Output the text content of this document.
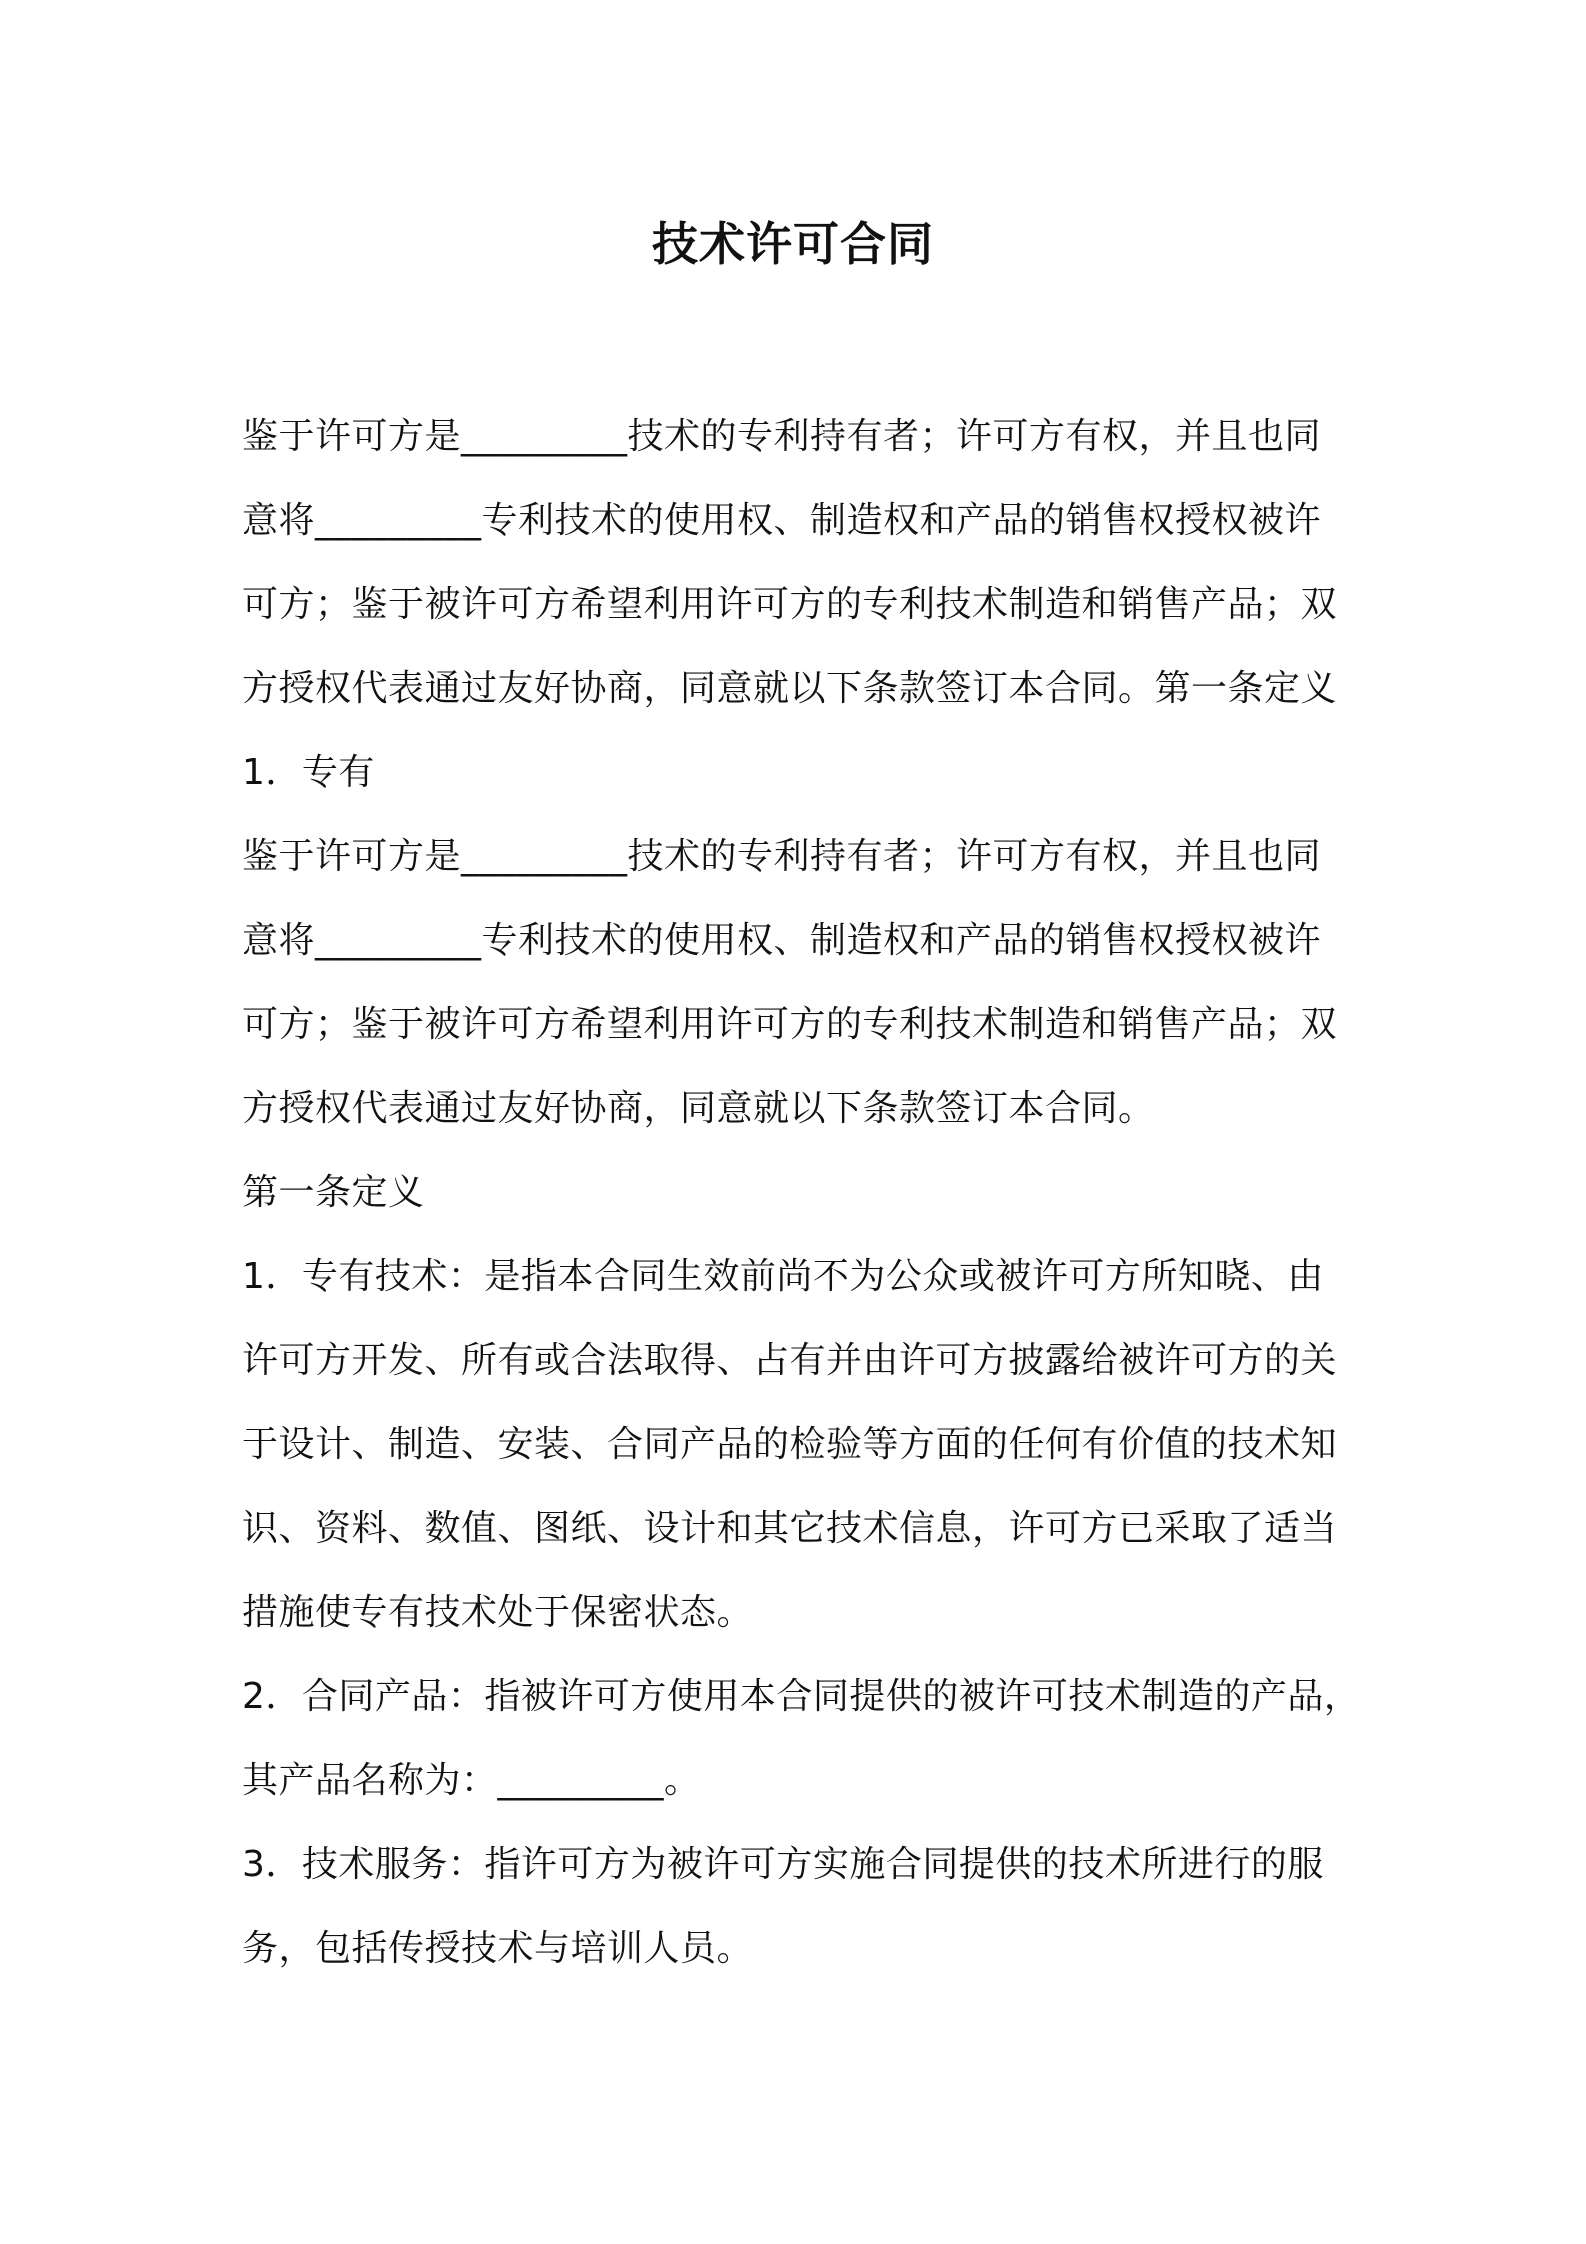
技术许可合同
鉴于许可方是_________技术的专利持有者；许可方有权，并且也同
意将_________专利技术的使用权、制造权和产品的销售权授权被许
可方；鉴于被许可方希望利用许可方的专利技术制造和销售产品；双
方授权代表通过友好协商，同意就以下条款签订本合同。第一条定义
1．专有
鉴于许可方是_________技术的专利持有者；许可方有权，并且也同
意将_________专利技术的使用权、制造权和产品的销售权授权被许
可方；鉴于被许可方希望利用许可方的专利技术制造和销售产品；双
方授权代表通过友好协商，同意就以下条款签订本合同。
第一条定义
1．专有技术：是指本合同生效前尚不为公众或被许可方所知晓、由
许可方开发、所有或合法取得、占有并由许可方披露给被许可方的关
于设计、制造、安装、合同产品的检验等方面的任何有价值的技术知
识、资料、数值、图纸、设计和其它技术信息，许可方已采取了适当
措施使专有技术处于保密状态。
2．合同产品：指被许可方使用本合同提供的被许可技术制造的产品，
其产品名称为：_________。
3．技术服务：指许可方为被许可方实施合同提供的技术所进行的服
务，包括传授技术与培训人员。
